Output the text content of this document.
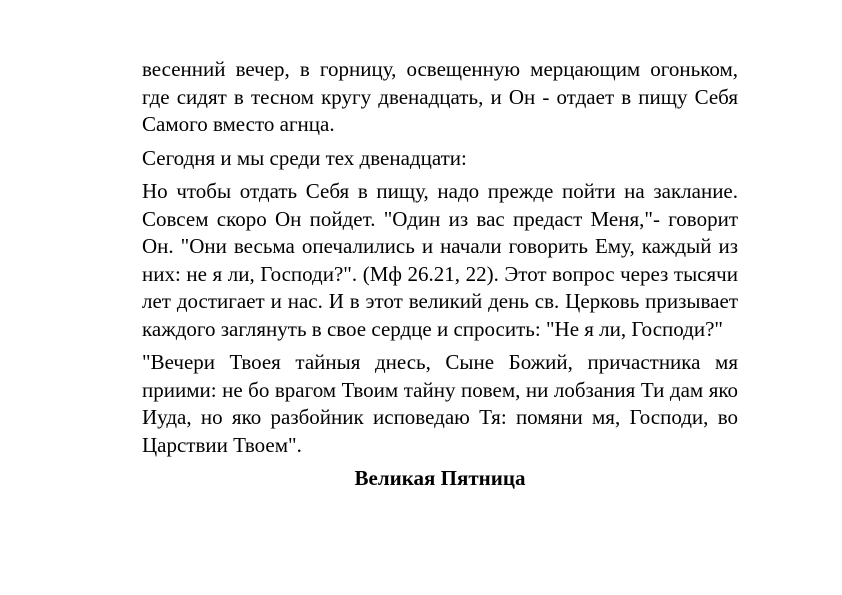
весенний вечер, в горницу, освещенную мерцающим огоньком, где сидят в тесном кругу двенадцать, и Он - отдает в пищу Себя Самого вместо агнца.

Сегодня и мы среди тех двенадцати:

Но чтобы отдать Себя в пищу, надо прежде пойти на заклание. Совсем скоро Он пойдет. "Один из вас предаст Меня,"- говорит Он. "Они весьма опечалились и начали говорить Ему, каждый из них: не я ли, Господи?". (Мф 26.21, 22). Этот вопрос через тысячи лет достигает и нас. И в этот великий день св. Церковь призывает каждого заглянуть в свое сердце и спросить: "Не я ли, Господи?"

"Вечери Твоея тайныя днесь, Сыне Божий, причастника мя приими: не бо врагом Твоим тайну повем, ни лобзания Ти дам яко Иуда, но яко разбойник исповедаю Тя: помяни мя, Господи, во Царствии Твоем".

Великая Пятница
